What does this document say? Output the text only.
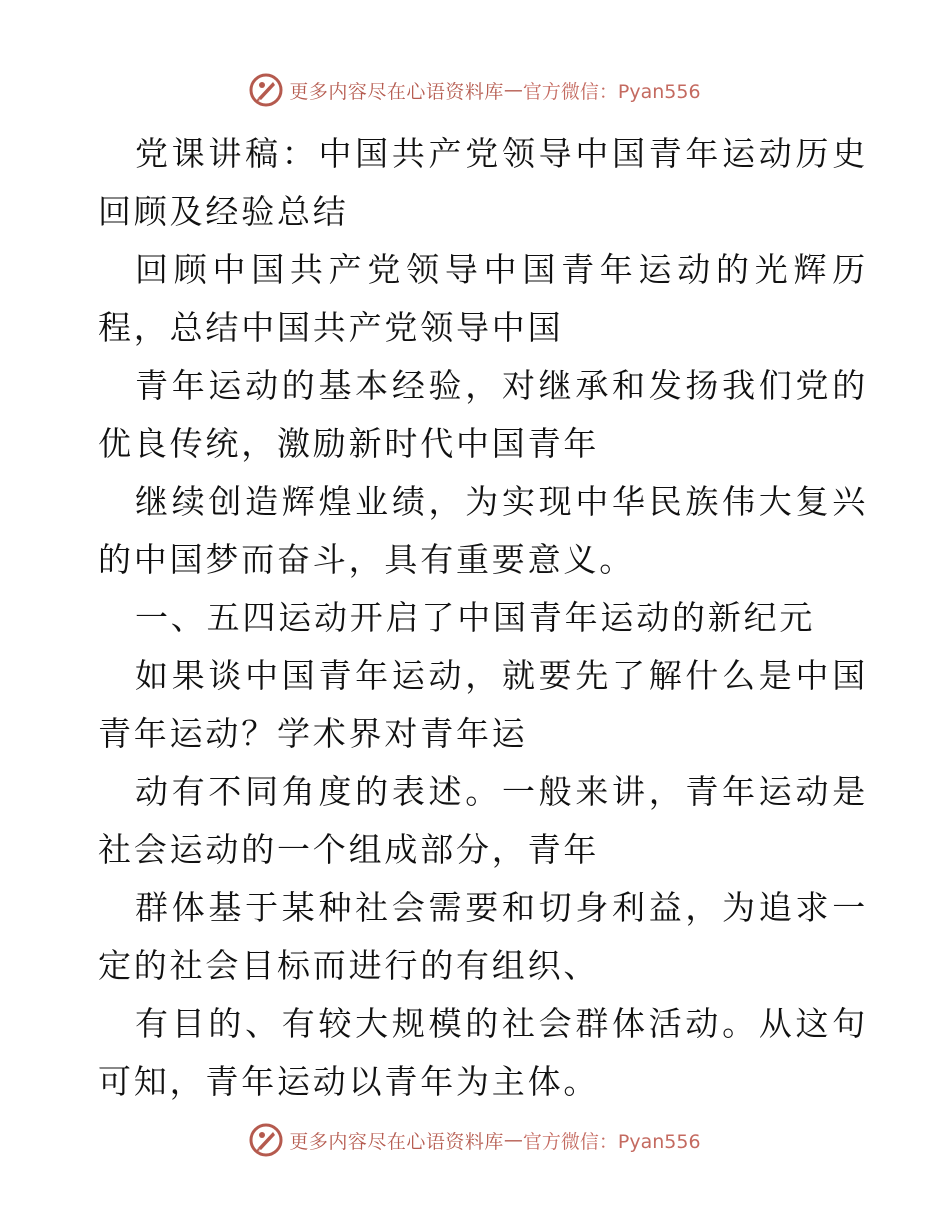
更多内容尽在心语资料库 — 官方微信：Pyan556

党课讲稿：中国共产党领导中国青年运动历史回顾及经验总结

回顾中国共产党领导中国青年运动的光辉历程，总结中国共产党领导中国

青年运动的基本经验，对继承和发扬我们党的优良传统，激励新时代中国青年

继续创造辉煌业绩，为实现中华民族伟大复兴的中国梦而奋斗，具有重要意义。

一、五四运动开启了中国青年运动的新纪元

如果谈中国青年运动，就要先了解什么是中国青年运动？学术界对青年运

动有不同角度的表述。一般来讲，青年运动是社会运动的一个组成部分，青年

群体基于某种社会需要和切身利益，为追求一定的社会目标而进行的有组织、

有目的、有较大规模的社会群体活动。从这句可知，青年运动以青年为主体。

更多内容尽在心语资料库 — 官方微信：Pyan556
